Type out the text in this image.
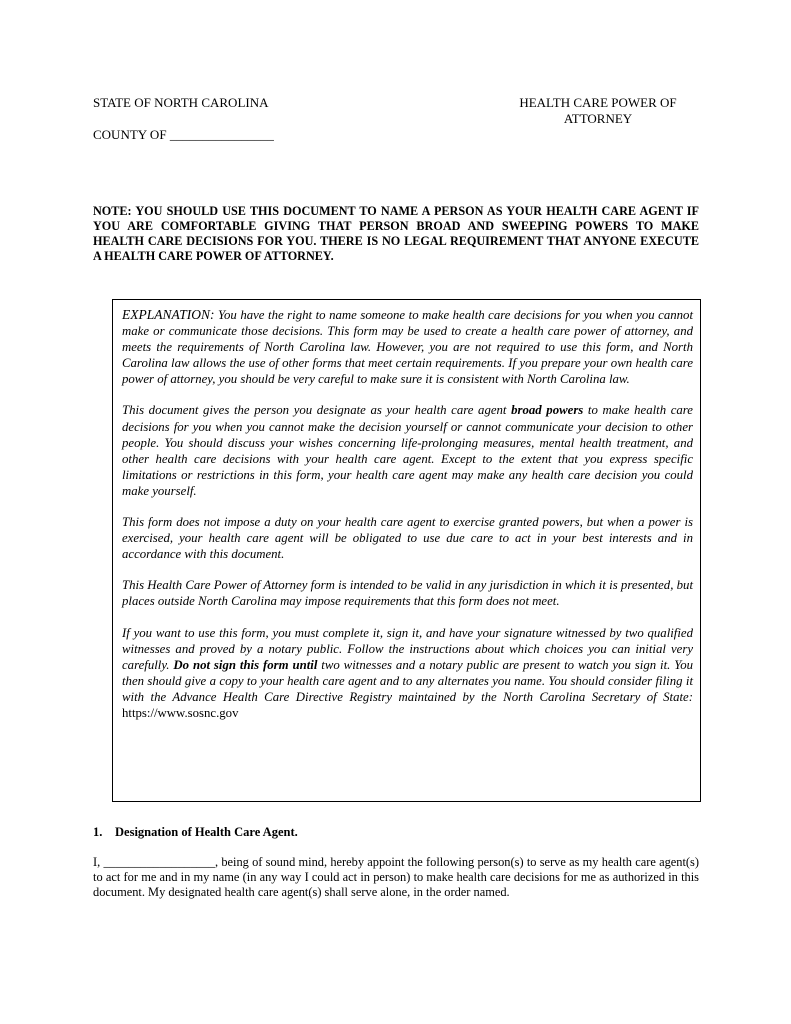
STATE OF NORTH CAROLINA
COUNTY OF ________________
HEALTH CARE POWER OF
ATTORNEY
NOTE: YOU SHOULD USE THIS DOCUMENT TO NAME A PERSON AS YOUR HEALTH CARE AGENT IF YOU ARE COMFORTABLE GIVING THAT PERSON BROAD AND SWEEPING POWERS TO MAKE HEALTH CARE DECISIONS FOR YOU. THERE IS NO LEGAL REQUIREMENT THAT ANYONE EXECUTE A HEALTH CARE POWER OF ATTORNEY.

EXPLANATION: You have the right to name someone to make health care decisions for you when you cannot make or communicate those decisions. This form may be used to create a health care power of attorney, and meets the requirements of North Carolina law. However, you are not required to use this form, and North Carolina law allows the use of other forms that meet certain requirements. If you prepare your own health care power of attorney, you should be very careful to make sure it is consistent with North Carolina law.

This document gives the person you designate as your health care agent broad powers to make health care decisions for you when you cannot make the decision yourself or cannot communicate your decision to other people. You should discuss your wishes concerning life-prolonging measures, mental health treatment, and other health care decisions with your health care agent. Except to the extent that you express specific limitations or restrictions in this form, your health care agent may make any health care decision you could make yourself.

This form does not impose a duty on your health care agent to exercise granted powers, but when a power is exercised, your health care agent will be obligated to use due care to act in your best interests and in accordance with this document.

This Health Care Power of Attorney form is intended to be valid in any jurisdiction in which it is presented, but places outside North Carolina may impose requirements that this form does not meet.

If you want to use this form, you must complete it, sign it, and have your signature witnessed by two qualified witnesses and proved by a notary public. Follow the instructions about which choices you can initial very carefully. Do not sign this form until two witnesses and a notary public are present to watch you sign it. You then should give a copy to your health care agent and to any alternates you name. You should consider filing it with the Advance Health Care Directive Registry maintained by the North Carolina Secretary of State: https://www.sosnc.gov

1. Designation of Health Care Agent.
I, __________________, being of sound mind, hereby appoint the following person(s) to serve as my health care agent(s) to act for me and in my name (in any way I could act in person) to make health care decisions for me as authorized in this document. My designated health care agent(s) shall serve alone, in the order named.
